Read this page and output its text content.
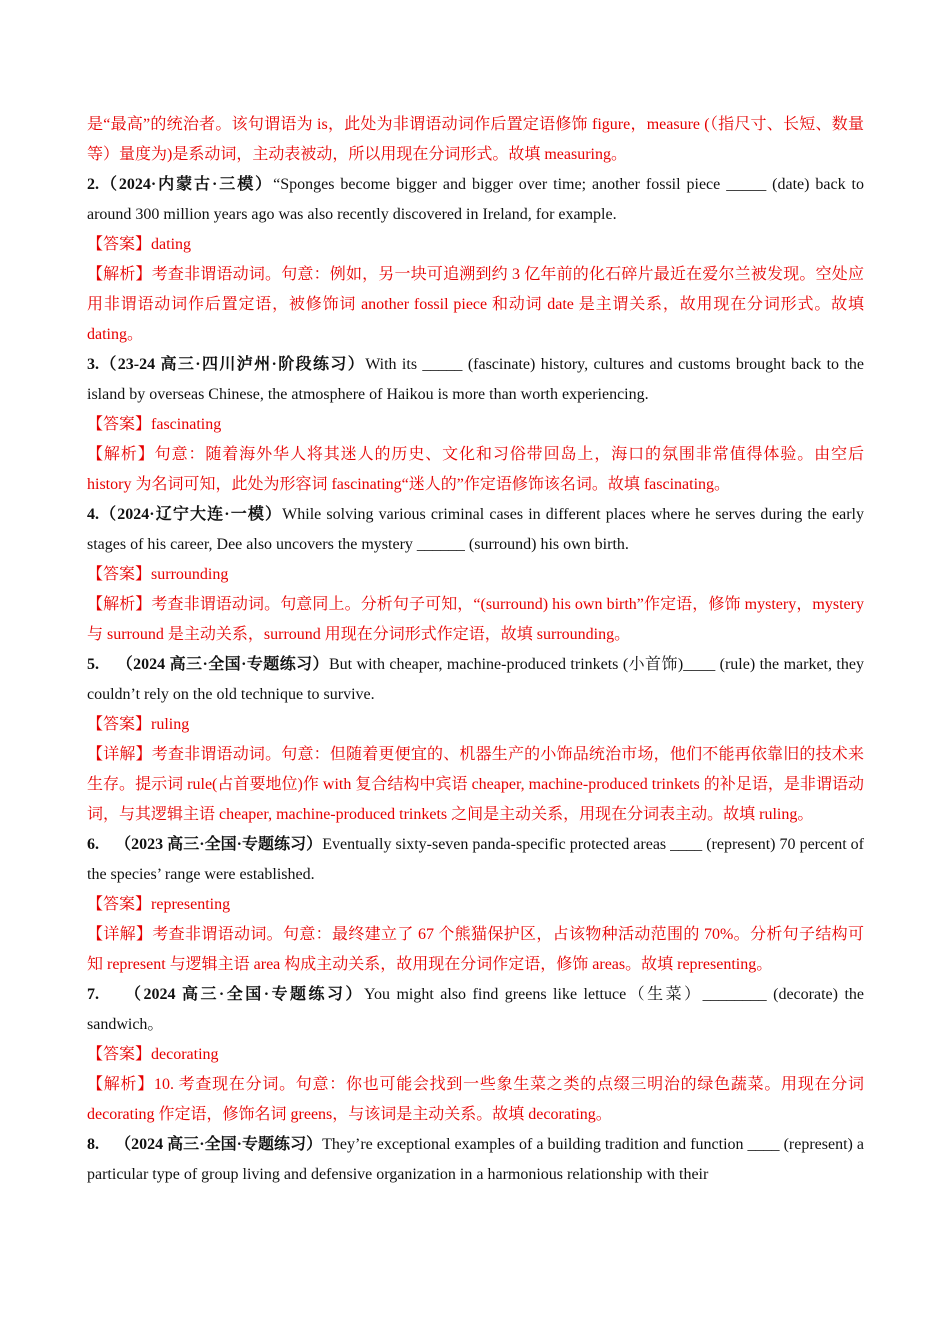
是“最高”的统治者。该句谓语为 is，此处为非谓语动词作后置定语修饰 figure，measure (（指尺寸、长短、数量等）量度为)是系动词，主动表被动，所以用现在分词形式。故填 measuring。

2.（2024·内蒙古·三模）“Sponges become bigger and bigger over time; another fossil piece _____ (date) back to around 300 million years ago was also recently discovered in Ireland, for example.

【答案】dating

【解析】考查非谓语动词。句意：例如，另一块可追溯到约 3 亿年前的化石碎片最近在爱尔兰被发现。空处应用非谓语动词作后置定语，被修饰词 another fossil piece 和动词 date 是主谓关系，故用现在分词形式。故填 dating。

3.（23-24 高三·四川泸州·阶段练习）With its _____ (fascinate) history, cultures and customs brought back to the island by overseas Chinese, the atmosphere of Haikou is more than worth experiencing.

【答案】fascinating

【解析】句意：随着海外华人将其迷人的历史、文化和习俗带回岛上，海口的氛围非常值得体验。由空后 history 为名词可知，此处为形容词 fascinating“迷人的”作定语修饰该名词。故填 fascinating。

4.（2024·辽宁大连·一模）While solving various criminal cases in different places where he serves during the early stages of his career, Dee also uncovers the mystery ______ (surround) his own birth.

【答案】surrounding

【解析】考查非谓语动词。句意同上。分析句子可知，“(surround) his own birth”作定语，修饰 mystery，mystery 与 surround 是主动关系，surround 用现在分词形式作定语，故填 surrounding。

5. （2024 高三·全国·专题练习）But with cheaper, machine-produced trinkets (小首饰)____ (rule) the market, they couldn’t rely on the old technique to survive.

【答案】ruling

【详解】考查非谓语动词。句意：但随着更便宜的、机器生产的小饰品统治市场，他们不能再依靠旧的技术来生存。提示词 rule(占首要地位)作 with 复合结构中宾语 cheaper, machine-produced trinkets 的补足语，是非谓语动词，与其逻辑主语 cheaper, machine-produced trinkets 之间是主动关系，用现在分词表主动。故填 ruling。

6. （2023 高三·全国·专题练习）Eventually sixty-seven panda-specific protected areas ____ (represent) 70 percent of the species’ range were established.

【答案】representing

【详解】考查非谓语动词。句意：最终建立了 67 个熊猫保护区，占该物种活动范围的 70%。分析句子结构可知 represent 与逻辑主语 area 构成主动关系，故用现在分词作定语，修饰 areas。故填 representing。

7. （2024 高三·全国·专题练习）You might also find greens like lettuce（生菜）________ (decorate) the sandwich。

【答案】decorating

【解析】10. 考查现在分词。句意：你也可能会找到一些象生菜之类的点缀三明治的绿色蔬菜。用现在分词 decorating 作定语，修饰名词 greens，与该词是主动关系。故填 decorating。

8. （2024 高三·全国·专题练习）They’re exceptional examples of a building tradition and function ____ (represent) a particular type of group living and defensive organization in a harmonious relationship with their
